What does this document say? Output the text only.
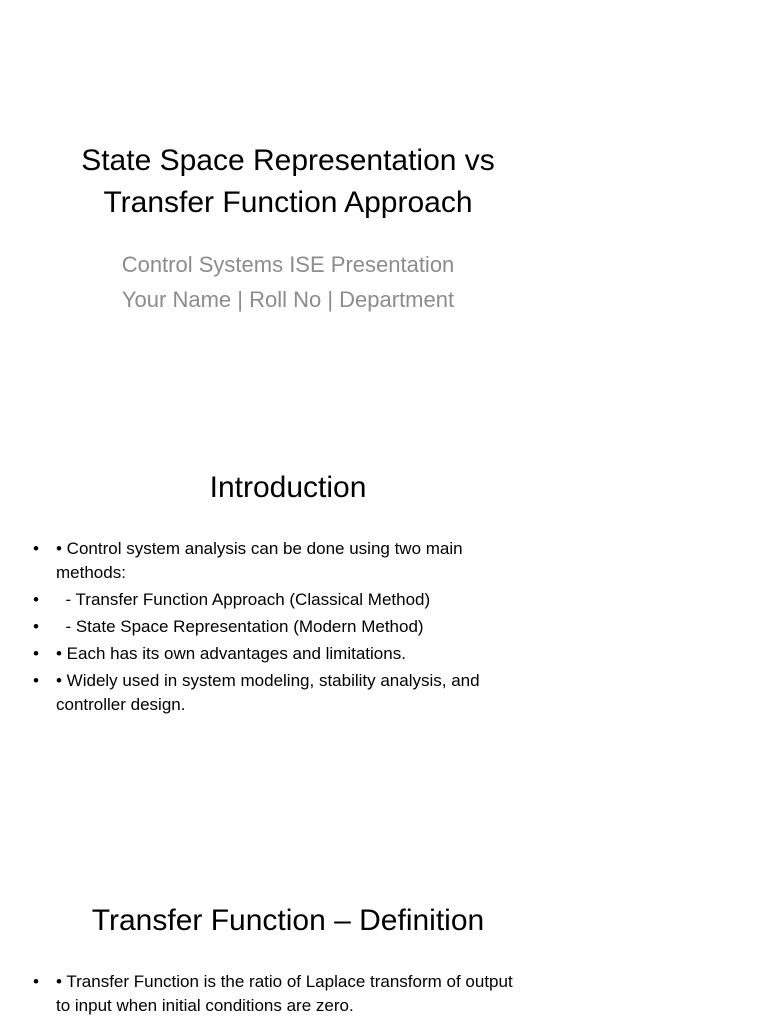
State Space Representation vs
Transfer Function Approach
Control Systems ISE Presentation
Your Name | Roll No | Department
Introduction
• • Control system analysis can be done using two main
methods:
• - Transfer Function Approach (Classical Method)
• - State Space Representation (Modern Method)
• • Each has its own advantages and limitations.
• • Widely used in system modeling, stability analysis, and
controller design.
Transfer Function – Definition
• • Transfer Function is the ratio of Laplace transform of output
to input when initial conditions are zero.
